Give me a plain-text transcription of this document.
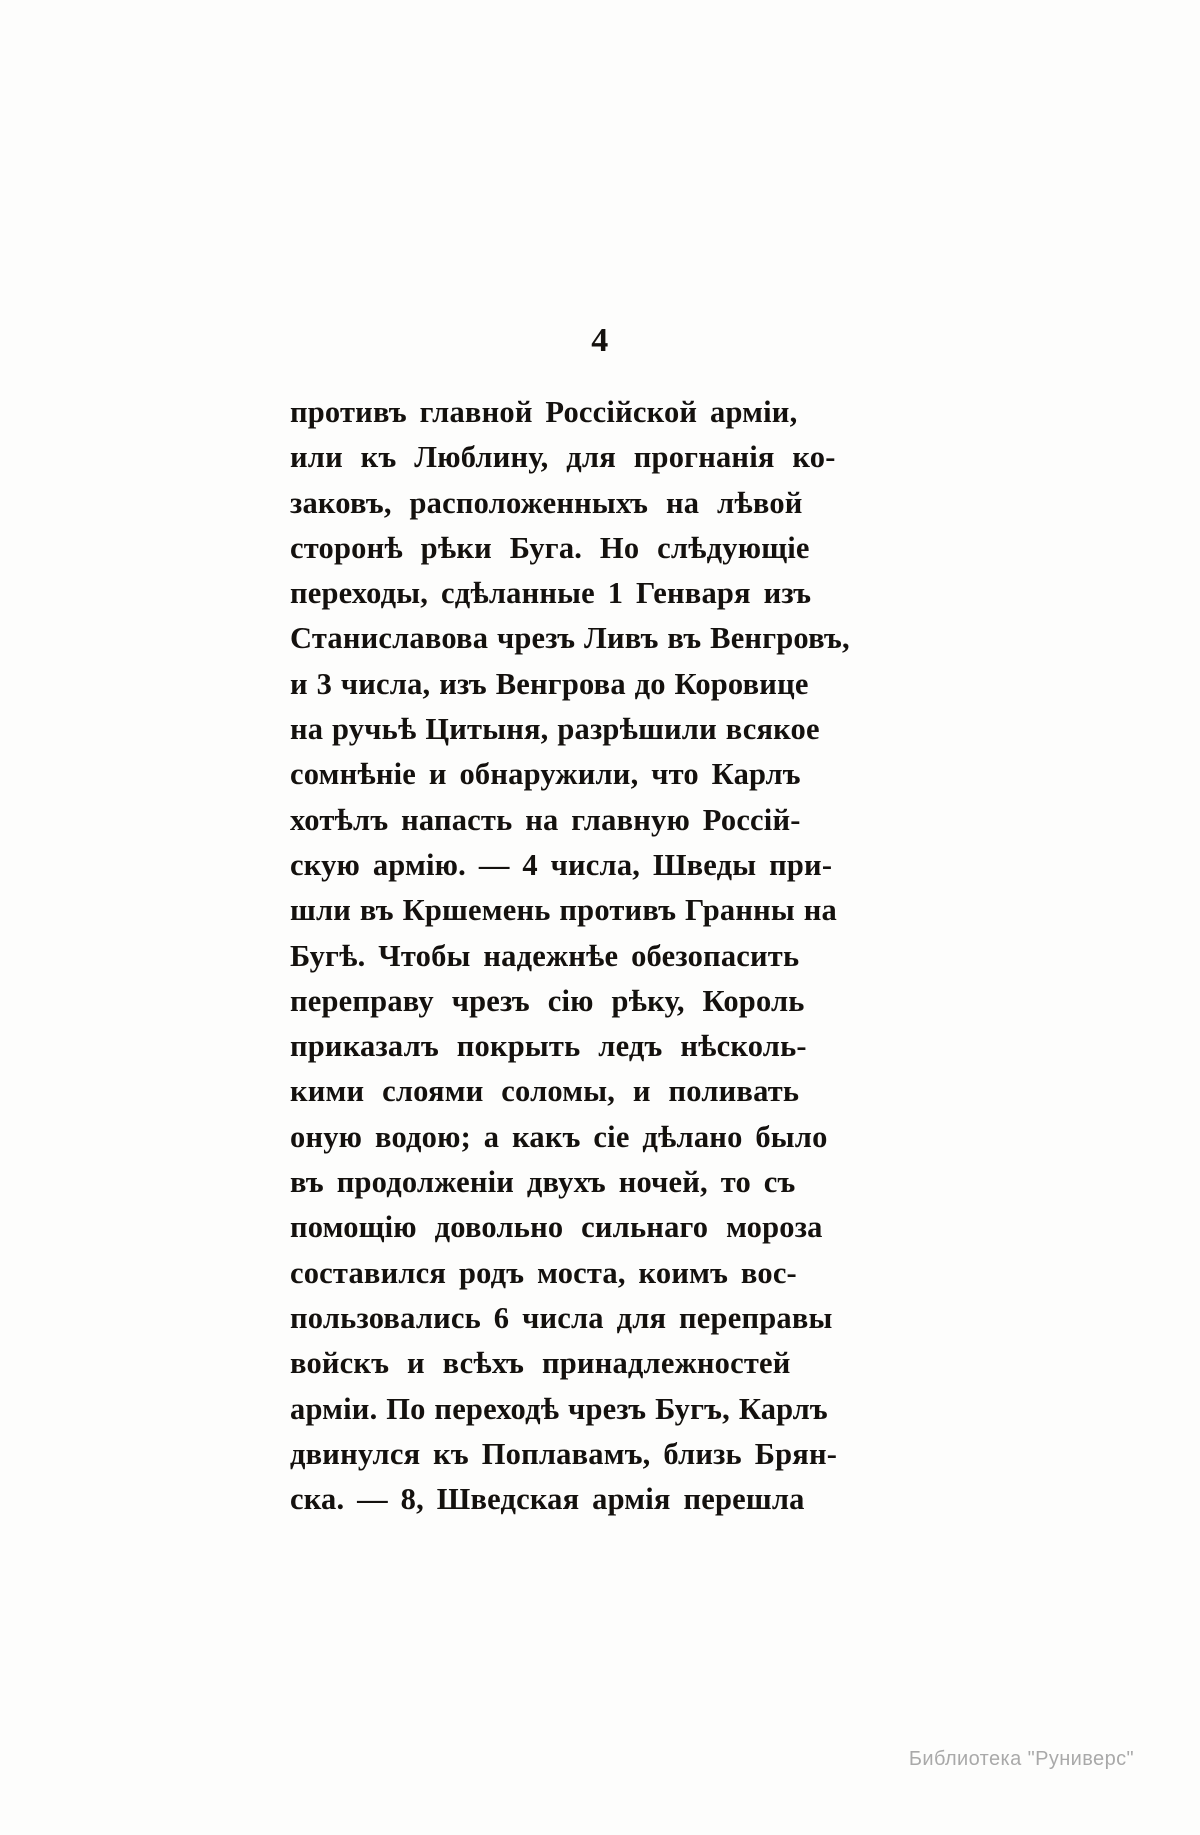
4
противъ главной Россійской арміи,
или къ Люблину, для прогнанія ко-
заковъ, расположенныхъ на лѣвой
сторонѣ рѣки Буга. Но слѣдующіе
переходы, сдѣланные 1 Генваря изъ
Станиславова чрезъ Ливъ въ Венгровъ,
и 3 числа, изъ Венгрова до Коровице
на ручьѣ Цитыня, разрѣшили всякое
сомнѣніе и обнаружили, что Карлъ
хотѣлъ напасть на главную Россій-
скую армію. — 4 числа, Шведы при-
шли въ Кршемень противъ Гранны на
Бугѣ. Чтобы надежнѣе обезопасить
переправу чрезъ сію рѣку, Король
приказалъ покрыть ледъ нѣсколь-
кими слоями соломы, и поливать
оную водою; а какъ сіе дѣлано было
въ продолженіи двухъ ночей, то съ
помощію довольно сильнаго мороза
составился родъ моста, коимъ вос-
пользовались 6 числа для переправы
войскъ и всѣхъ принадлежностей
арміи. По переходѣ чрезъ Бугъ, Карлъ
двинулся къ Поплавамъ, близь Брян-
ска. — 8, Шведская армія перешла
Библиотека "Руниверс"
